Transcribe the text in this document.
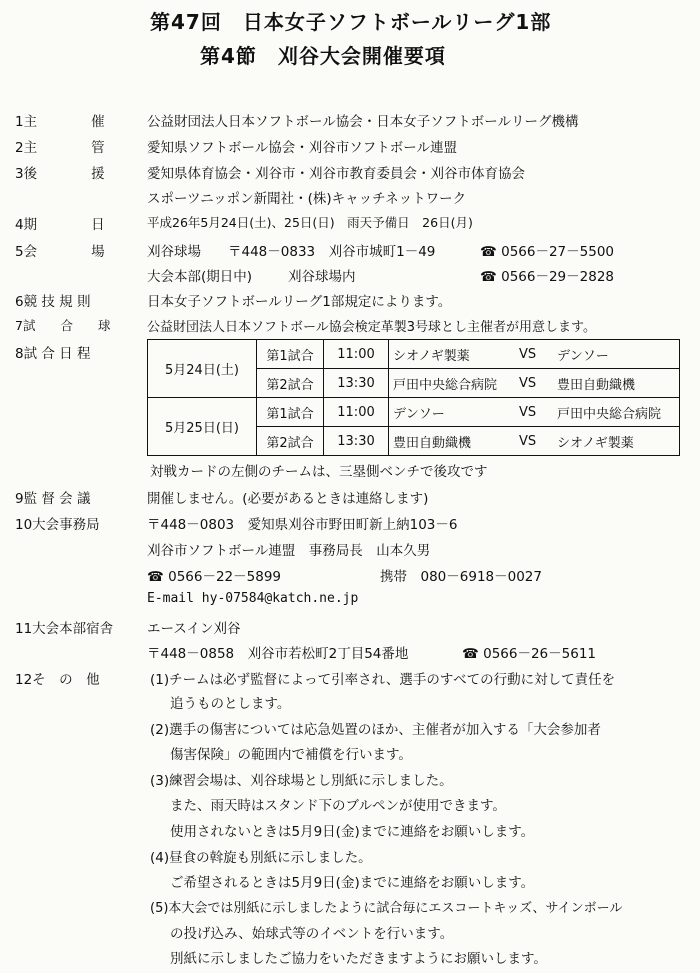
第47回　日本女子ソフトボールリーグ1部
第4節　刈谷大会開催要項
1主　　　　催	公益財団法人日本ソフトボール協会・日本女子ソフトボールリーグ機構
2主　　　　管	愛知県ソフトボール協会・刈谷市ソフトボール連盟
3後　　　　援	愛知県体育協会・刈谷市・刈谷市教育委員会・刈谷市体育協会
スポーツニッポン新聞社・(株)キャッチネットワーク
4期　　　　日	平成26年5月24日(土)、25日(日)　雨天予備日　26日(月)
5会　　　　場	刈谷球場 〒448－0833　刈谷市城町1－49	☎ 0566－27－5500
大会本部(期日中)	刈谷球場内	☎ 0566－29－2828
6競 技 規 則	日本女子ソフトボールリーグ1部規定によります。
7試　　合　　球	公益財団法人日本ソフトボール協会検定革製3号球とし主催者が用意します。
8試 合 日 程
5月24日(土)	第1試合	11:00	シオノギ製薬	VS	デンソー
	第2試合	13:30	戸田中央総合病院	VS	豊田自動織機
5月25日(日)	第1試合	11:00	デンソー	VS	戸田中央総合病院
	第2試合	13:30	豊田自動織機	VS	シオノギ製薬
対戦カードの左側のチームは、三塁側ベンチで後攻です
9監 督 会 議	開催しません。(必要があるときは連絡します)
10大会事務局	〒448－0803　愛知県刈谷市野田町新上納103－6
刈谷市ソフトボール連盟　事務局長　山本久男
☎ 0566－22－5899	携帯　 080－6918－0027
E-mail hy-07584@katch.ne.jp
11大会本部宿舎	エースイン刈谷
〒448－0858　刈谷市若松町2丁目54番地	☎ 0566－26－5611
12そ　の　他	(1)チームは必ず監督によって引率され、選手のすべての行動に対して責任を
追うものとします。
(2)選手の傷害については応急処置のほか、主催者が加入する「大会参加者
傷害保険」の範囲内で補償を行います。
(3)練習会場は、刈谷球場とし別紙に示しました。
また、雨天時はスタンド下のブルペンが使用できます。
使用されないときは5月9日(金)までに連絡をお願いします。
(4)昼食の斡旋も別紙に示しました。
ご希望されるときは5月9日(金)までに連絡をお願いします。
(5)本大会では別紙に示しましたように試合毎にエスコートキッズ、サインボール
の投げ込み、始球式等のイベントを行います。
別紙に示しましたご協力をいただきますようにお願いします。
